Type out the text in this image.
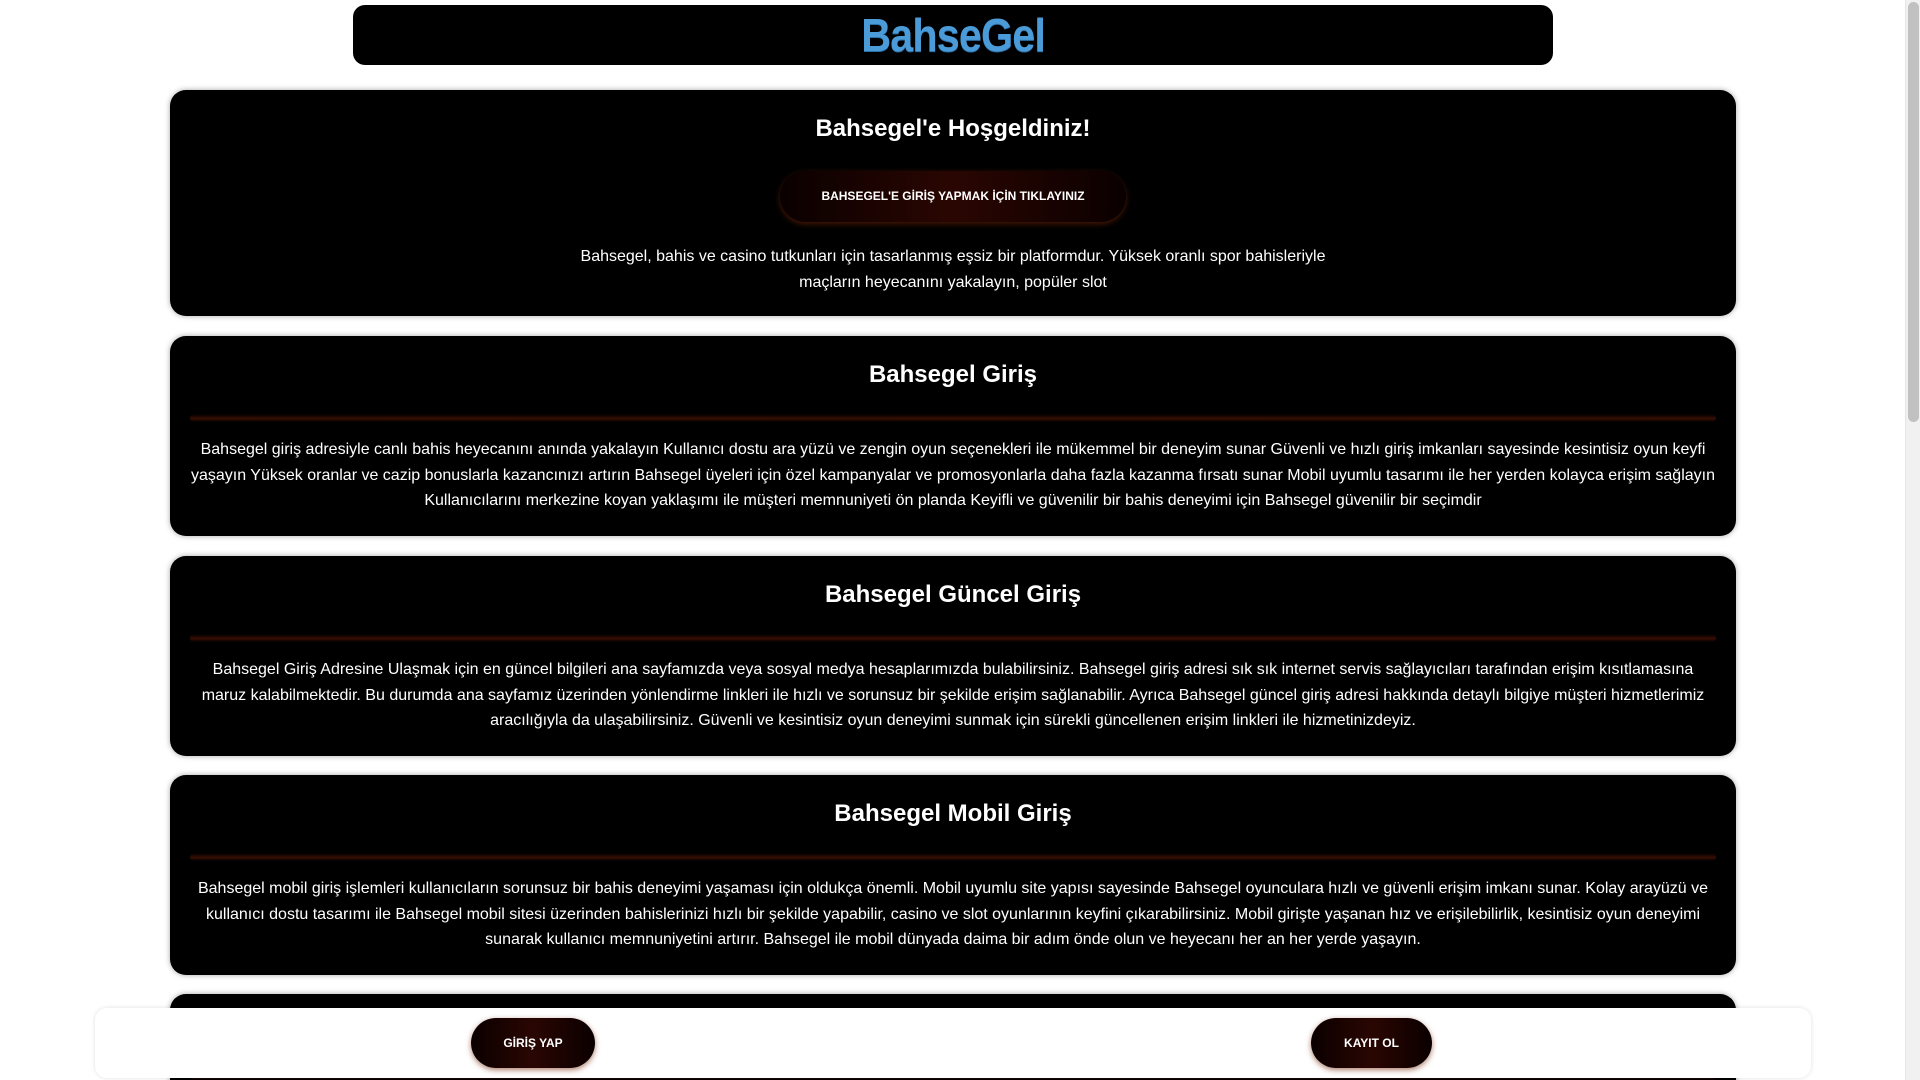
BahseGel
Bahsegel'e Hoşgeldiniz!
BAHSEGEL'E GİRİŞ YAPMAK İÇİN TIKLAYINIZ

Bahsegel, bahis ve casino tutkunları için tasarlanmış eşsiz bir platformdur. Yüksek oranlı spor bahisleriyle maçların heyecanını yakalayın, popüler slot

Bahsegel Giriş

Bahsegel giriş adresiyle canlı bahis heyecanını anında yakalayın Kullanıcı dostu ara yüzü ve zengin oyun seçenekleri ile mükemmel bir deneyim sunar Güvenli ve hızlı giriş imkanları sayesinde kesintisiz oyun keyfi yaşayın Yüksek oranlar ve cazip bonuslarla kazancınızı artırın Bahsegel üyeleri için özel kampanyalar ve promosyonlarla daha fazla kazanma fırsatı sunar Mobil uyumlu tasarımı ile her yerden kolayca erişim sağlayın Kullanıcılarını merkezine koyan yaklaşımı ile müşteri memnuniyeti ön planda Keyifli ve güvenilir bir bahis deneyimi için Bahsegel güvenilir bir seçimdir

Bahsegel Güncel Giriş

Bahsegel Giriş Adresine Ulaşmak için en güncel bilgileri ana sayfamızda veya sosyal medya hesaplarımızda bulabilirsiniz. Bahsegel giriş adresi sık sık internet servis sağlayıcıları tarafından erişim kısıtlamasına maruz kalabilmektedir. Bu durumda ana sayfamız üzerinden yönlendirme linkleri ile hızlı ve sorunsuz bir şekilde erişim sağlanabilir. Ayrıca Bahsegel güncel giriş adresi hakkında detaylı bilgiye müşteri hizmetlerimiz aracılığıyla da ulaşabilirsiniz. Güvenli ve kesintisiz oyun deneyimi sunmak için sürekli güncellenen erişim linkleri ile hizmetinizdeyiz.

Bahsegel Mobil Giriş

Bahsegel mobil giriş işlemleri kullanıcıların sorunsuz bir bahis deneyimi yaşaması için oldukça önemli. Mobil uyumlu site yapısı sayesinde Bahsegel oyunculara hızlı ve güvenli erişim imkanı sunar. Kolay arayüzü ve kullanıcı dostu tasarımı ile Bahsegel mobil sitesi üzerinden bahislerinizi hızlı bir şekilde yapabilir, casino ve slot oyunlarının keyfini çıkarabilirsiniz. Mobil girişte yaşanan hız ve erişilebilirlik, kesintisiz oyun deneyimi sunarak kullanıcı memnuniyetini artırır. Bahsegel ile mobil dünyada daima bir adım önde olun ve heyecanı her an her yerde yaşayın.

GİRİŞ YAP	KAYIT OL
